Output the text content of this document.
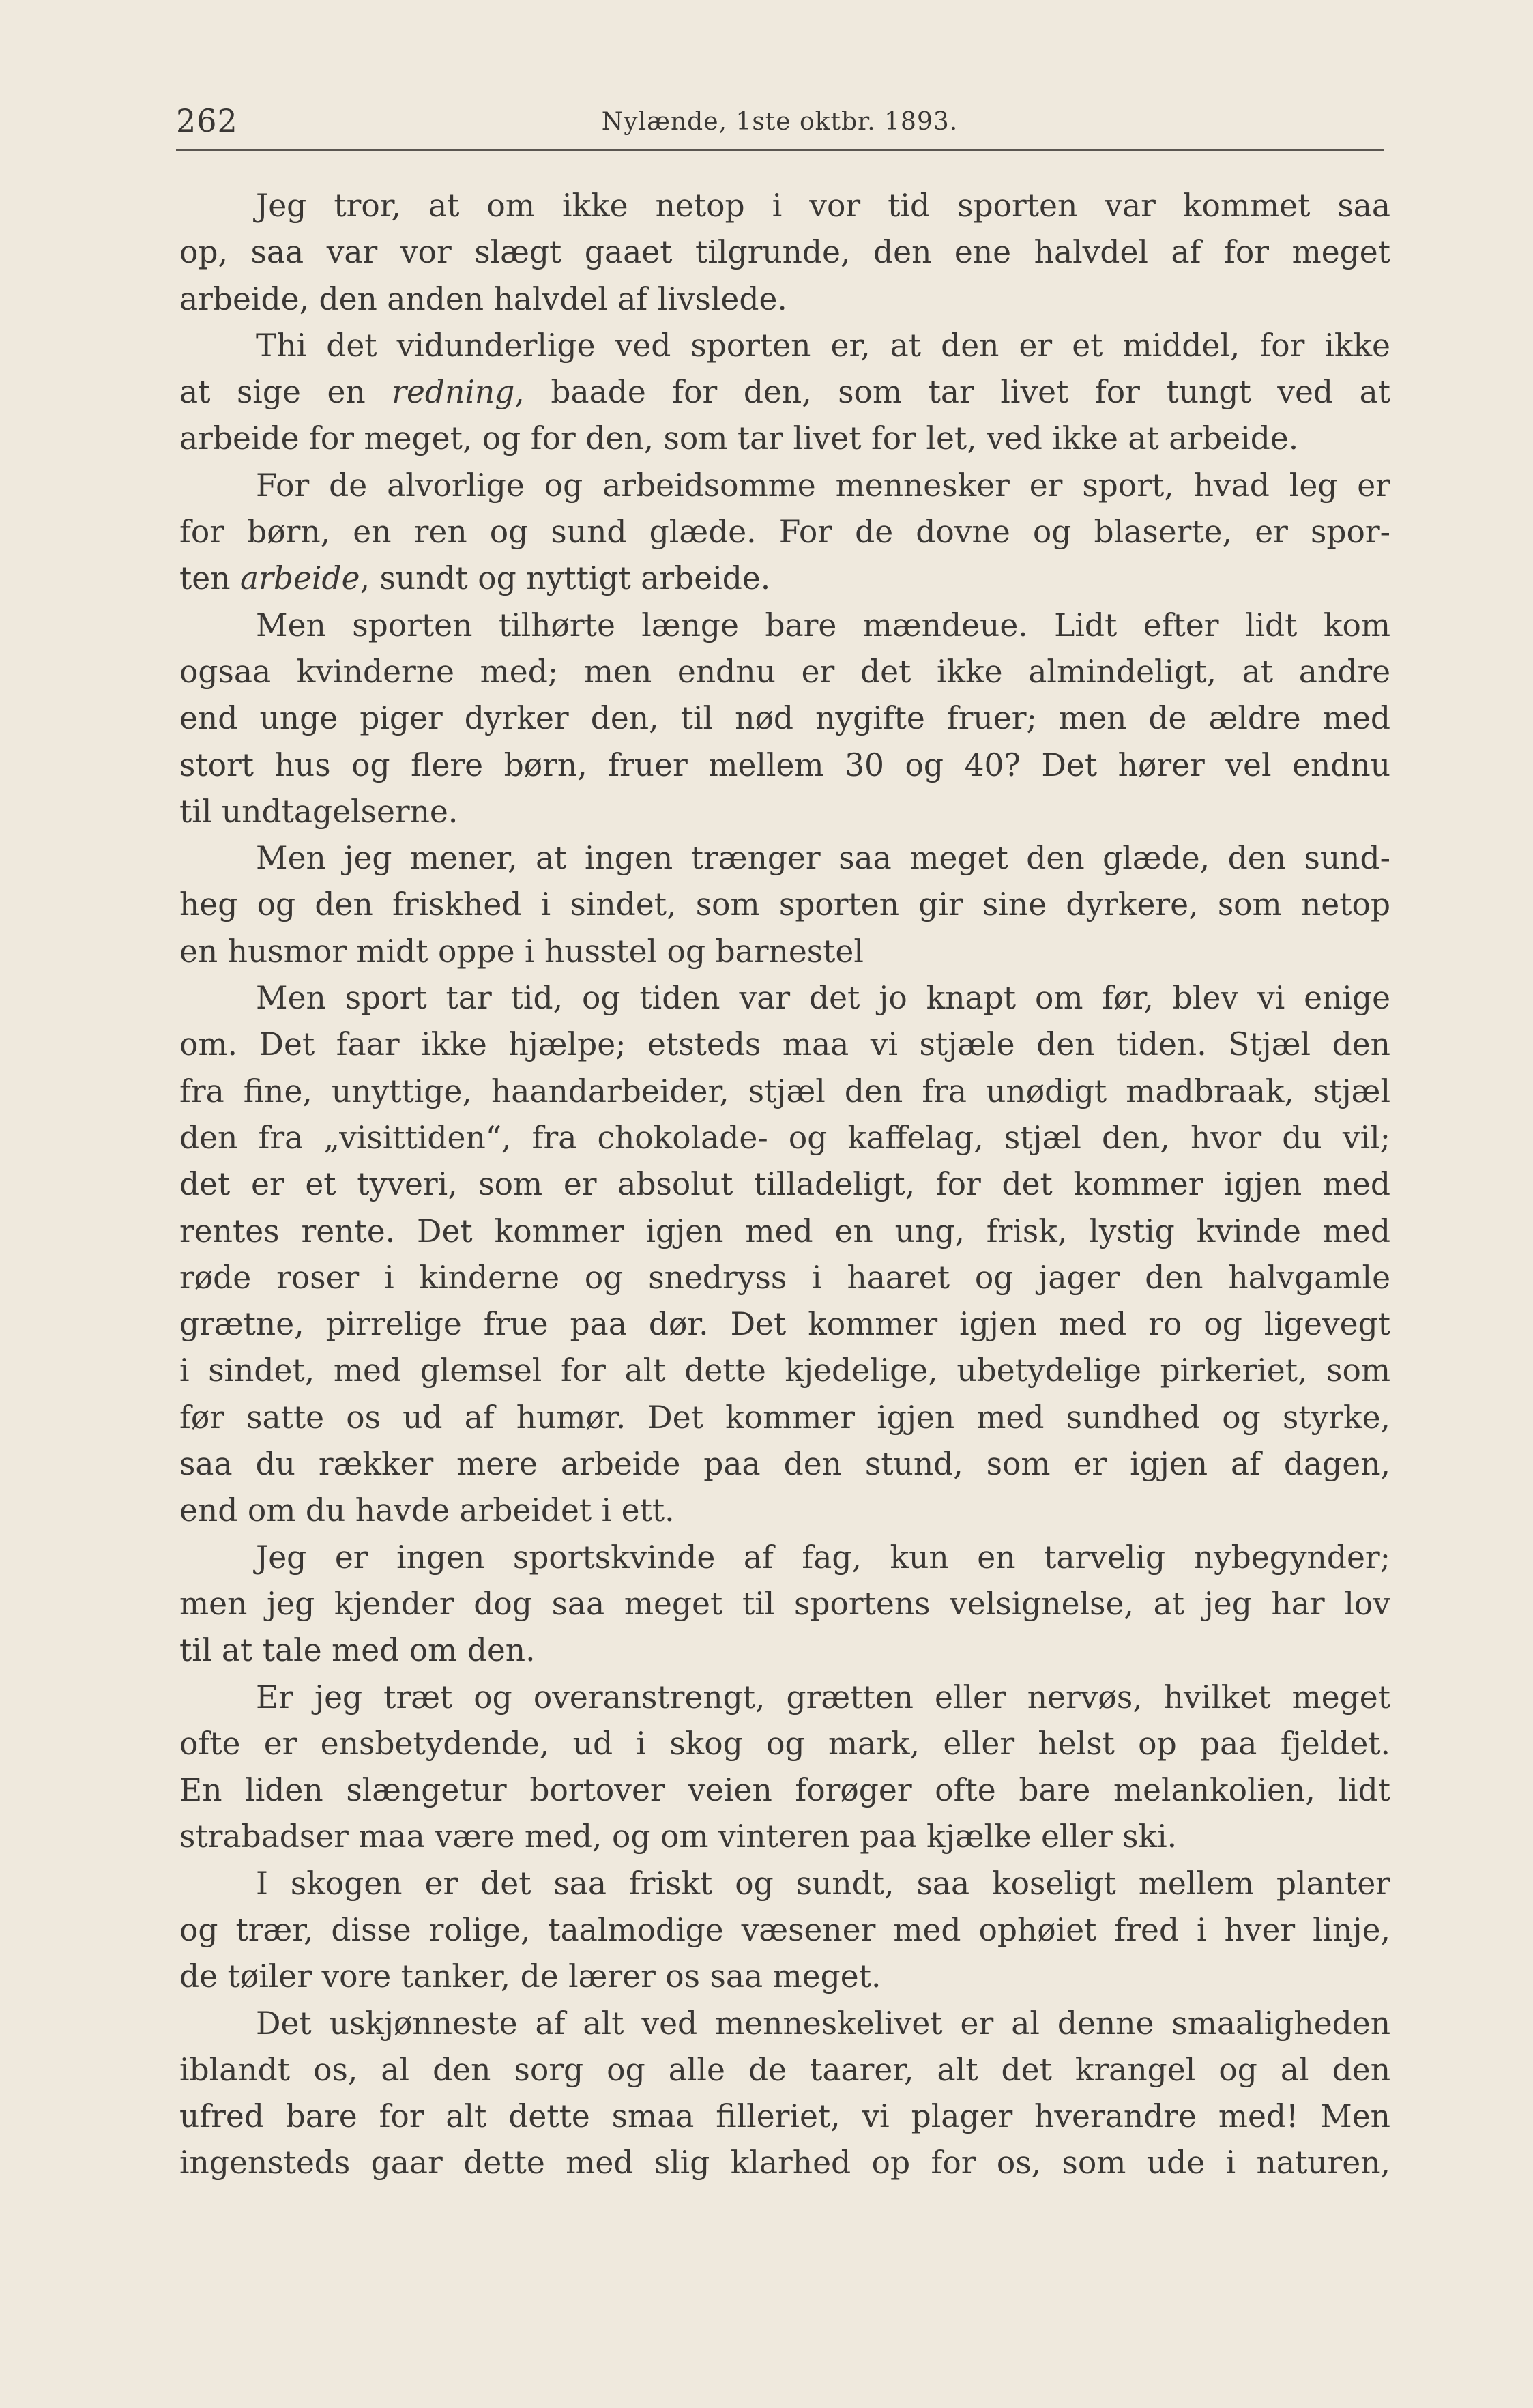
262	Nylænde, 1ste oktbr. 1893.
Jeg tror, at om ikke netop i vor tid sporten var kommet saa
op, saa var vor slægt gaaet tilgrunde, den ene halvdel af for meget
arbeide, den anden halvdel af livslede.
Thi det vidunderlige ved sporten er, at den er et middel, for ikke
at sige en redning, baade for den, som tar livet for tungt ved at
arbeide for meget, og for den, som tar livet for let, ved ikke at arbeide.
For de alvorlige og arbeidsomme mennesker er sport, hvad leg er
for børn, en ren og sund glæde. For de dovne og blaserte, er spor-
ten arbeide, sundt og nyttigt arbeide.
Men sporten tilhørte længe bare mændeue. Lidt efter lidt kom
ogsaa kvinderne med; men endnu er det ikke almindeligt, at andre
end unge piger dyrker den, til nød nygifte fruer; men de ældre med
stort hus og flere børn, fruer mellem 30 og 40? Det hører vel endnu
til undtagelserne.
Men jeg mener, at ingen trænger saa meget den glæde, den sund-
heg og den friskhed i sindet, som sporten gir sine dyrkere, som netop
en husmor midt oppe i husstel og barnestel
Men sport tar tid, og tiden var det jo knapt om før, blev vi enige
om. Det faar ikke hjælpe; etsteds maa vi stjæle den tiden. Stjæl den
fra fine, unyttige, haandarbeider, stjæl den fra unødigt madbraak, stjæl
den fra „visittiden“, fra chokolade- og kaffelag, stjæl den, hvor du vil;
det er et tyveri, som er absolut tilladeligt, for det kommer igjen med
rentes rente. Det kommer igjen med en ung, frisk, lystig kvinde med
røde roser i kinderne og snedryss i haaret og jager den halvgamle
grætne, pirrelige frue paa dør. Det kommer igjen med ro og ligevegt
i sindet, med glemsel for alt dette kjedelige, ubetydelige pirkeriet, som
før satte os ud af humør. Det kommer igjen med sundhed og styrke,
saa du rækker mere arbeide paa den stund, som er igjen af dagen,
end om du havde arbeidet i ett.
Jeg er ingen sportskvinde af fag, kun en tarvelig nybegynder;
men jeg kjender dog saa meget til sportens velsignelse, at jeg har lov
til at tale med om den.
Er jeg træt og overanstrengt, grætten eller nervøs, hvilket meget
ofte er ensbetydende, ud i skog og mark, eller helst op paa fjeldet.
En liden slængetur bortover veien forøger ofte bare melankolien, lidt
strabadser maa være med, og om vinteren paa kjælke eller ski.
I skogen er det saa friskt og sundt, saa koseligt mellem planter
og trær, disse rolige, taalmodige væsener med ophøiet fred i hver linje,
de tøiler vore tanker, de lærer os saa meget.
Det uskjønneste af alt ved menneskelivet er al denne smaaligheden
iblandt os, al den sorg og alle de taarer, alt det krangel og al den
ufred bare for alt dette smaa filleriet, vi plager hverandre med! Men
ingensteds gaar dette med slig klarhed op for os, som ude i naturen,
